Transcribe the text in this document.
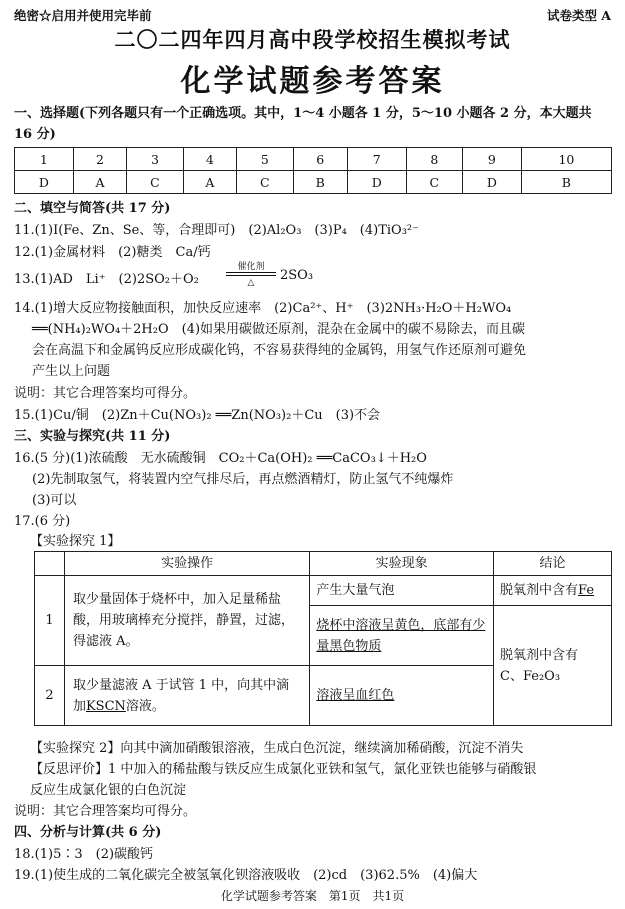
绝密☆启用并使用完毕前	试卷类型 A
二〇二四年四月高中段学校招生模拟考试
化学试题参考答案
一、选择题(下列各题只有一个正确选项。其中，1～4 小题各 1 分，5～10 小题各 2 分，本大题共 16 分)
1	2	3	4	5	6	7	8	9	10
D	A	C	A	C	B	D	C	D	B
二、填空与简答(共 17 分)
11.(1)I(Fe、Zn、Se、等，合理即可)　(2)Al₂O₃　(3)P₄　(4)TiO₃²⁻
12.(1)金属材料　(2)糖类　Ca/钙
13.(1)AD　Li⁺　(2)2SO₂＋O₂
催化剂
△	2SO₃
14.(1)增大反应物接触面积，加快反应速率　(2)Ca²⁺、H⁺　(3)2NH₃·H₂O＋H₂WO₄
══(NH₄)₂WO₄＋2H₂O　(4)如果用碳做还原剂，混杂在金属中的碳不易除去，而且碳
会在高温下和金属钨反应形成碳化钨，不容易获得纯的金属钨，用氢气作还原剂可避免
产生以上问题
说明：其它合理答案均可得分。
15.(1)Cu/铜　(2)Zn＋Cu(NO₃)₂ ══Zn(NO₃)₂＋Cu　(3)不会
三、实验与探究(共 11 分)
16.(5 分)(1)浓硫酸　无水硫酸铜　CO₂＋Ca(OH)₂ ══CaCO₃↓＋H₂O
(2)先制取氢气，将装置内空气排尽后，再点燃酒精灯，防止氢气不纯爆炸
(3)可以
17.(6 分)
【实验探究 1】
	实验操作	实验现象	结论
1	取少量固体于烧杯中，加入足量稀盐酸，用玻璃棒充分搅拌，静置，过滤，得滤液 A。	产生大量气泡	脱氧剂中含有Fe
		烧杯中溶液呈黄色，底部有少量黑色物质	脱氧剂中含有
C、Fe₂O₃

2	取少量滤液 A 于试管 1 中，向其中滴加KSCN溶液。	溶液呈血红色	
【实验探究 2】向其中滴加硝酸银溶液，生成白色沉淀，继续滴加稀硝酸，沉淀不消失
【反思评价】1 中加入的稀盐酸与铁反应生成氯化亚铁和氢气，氯化亚铁也能够与硝酸银
反应生成氯化银的白色沉淀
说明：其它合理答案均可得分。
四、分析与计算(共 6 分)
18.(1)5∶3　(2)碳酸钙
19.(1)使生成的二氧化碳完全被氢氧化钡溶液吸收　(2)cd　(3)62.5%　(4)偏大
化学试题参考答案　第1页　共1页
